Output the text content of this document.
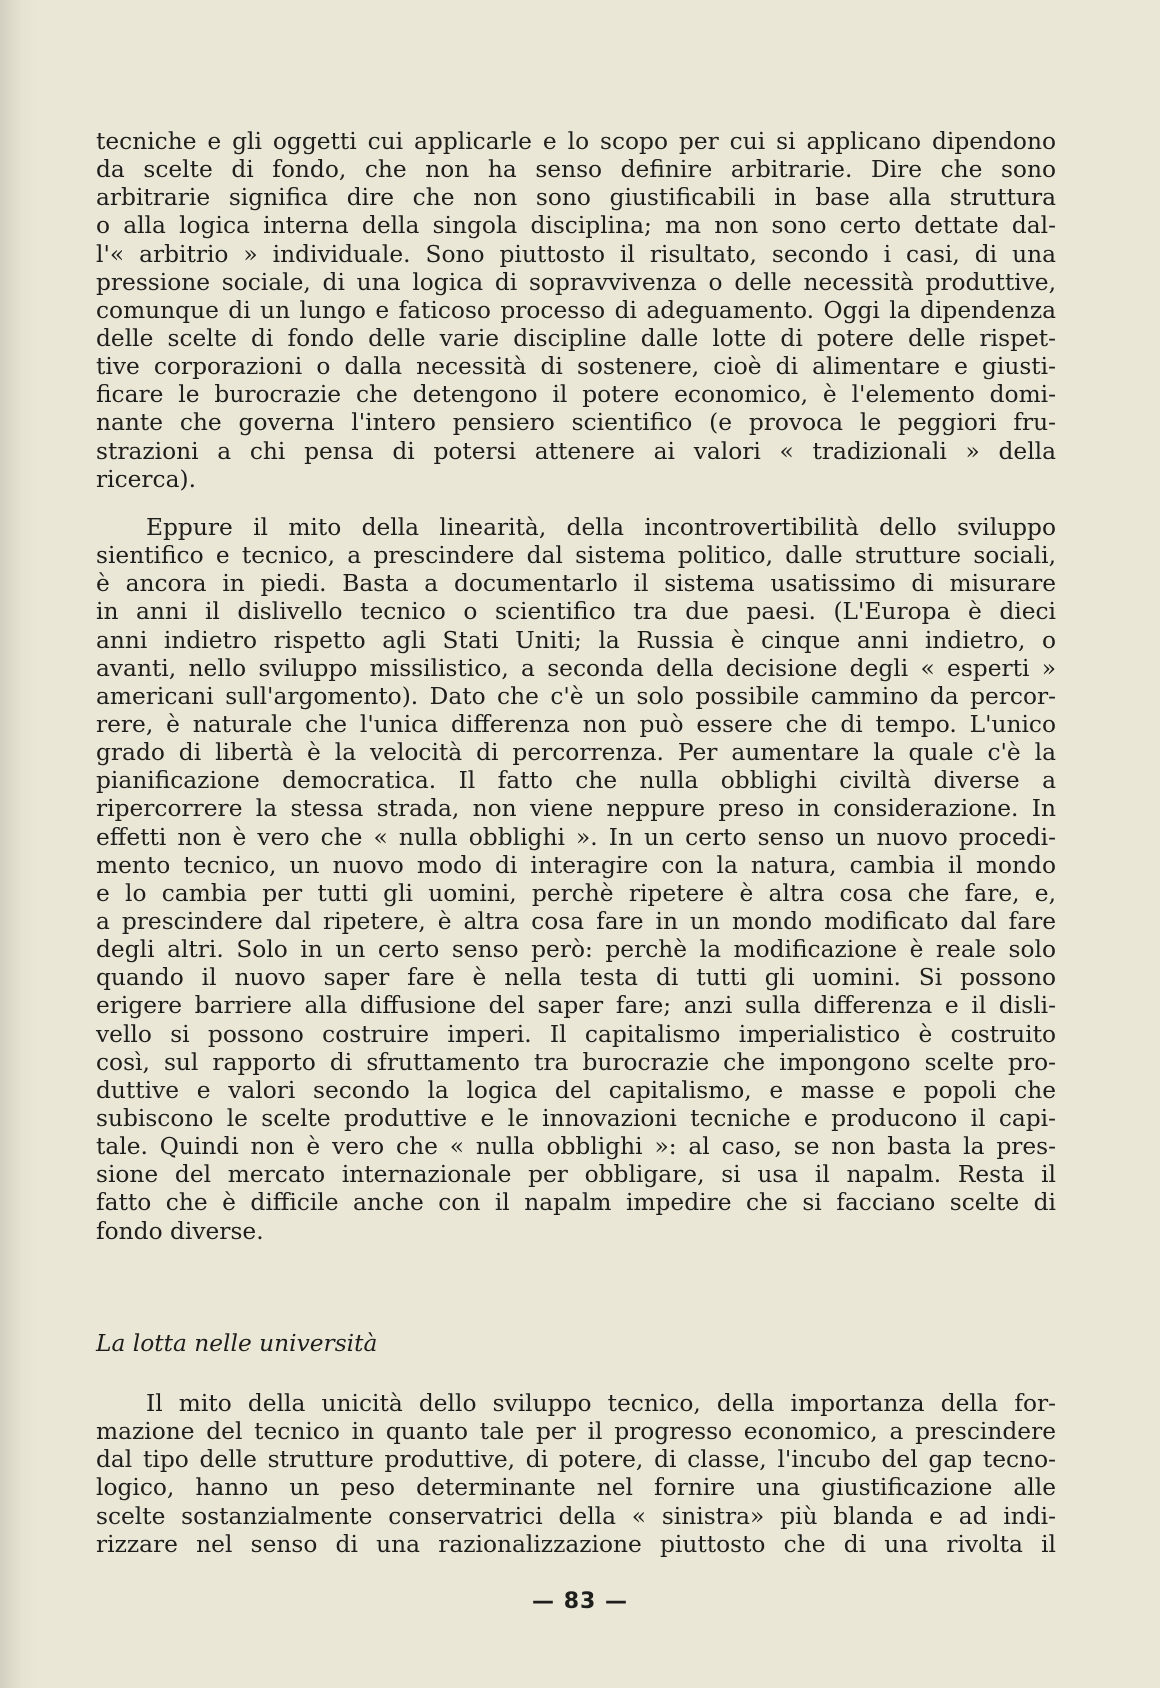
tecniche e gli oggetti cui applicarle e lo scopo per cui si applicano dipendono
da scelte di fondo, che non ha senso definire arbitrarie. Dire che sono
arbitrarie significa dire che non sono giustificabili in base alla struttura
o alla logica interna della singola disciplina; ma non sono certo dettate dal-
l'« arbitrio » individuale. Sono piuttosto il risultato, secondo i casi, di una
pressione sociale, di una logica di sopravvivenza o delle necessità produttive,
comunque di un lungo e faticoso processo di adeguamento. Oggi la dipendenza
delle scelte di fondo delle varie discipline dalle lotte di potere delle rispet-
tive corporazioni o dalla necessità di sostenere, cioè di alimentare e giusti-
ficare le burocrazie che detengono il potere economico, è l'elemento domi-
nante che governa l'intero pensiero scientifico (e provoca le peggiori fru-
strazioni a chi pensa di potersi attenere ai valori « tradizionali » della
ricerca).
Eppure il mito della linearità, della incontrovertibilità dello sviluppo
sientifico e tecnico, a prescindere dal sistema politico, dalle strutture sociali,
è ancora in piedi. Basta a documentarlo il sistema usatissimo di misurare
in anni il dislivello tecnico o scientifico tra due paesi. (L'Europa è dieci
anni indietro rispetto agli Stati Uniti; la Russia è cinque anni indietro, o
avanti, nello sviluppo missilistico, a seconda della decisione degli « esperti »
americani sull'argomento). Dato che c'è un solo possibile cammino da percor-
rere, è naturale che l'unica differenza non può essere che di tempo. L'unico
grado di libertà è la velocità di percorrenza. Per aumentare la quale c'è la
pianificazione democratica. Il fatto che nulla obblighi civiltà diverse a
ripercorrere la stessa strada, non viene neppure preso in considerazione. In
effetti non è vero che « nulla obblighi ». In un certo senso un nuovo procedi-
mento tecnico, un nuovo modo di interagire con la natura, cambia il mondo
e lo cambia per tutti gli uomini, perchè ripetere è altra cosa che fare, e,
a prescindere dal ripetere, è altra cosa fare in un mondo modificato dal fare
degli altri. Solo in un certo senso però: perchè la modificazione è reale solo
quando il nuovo saper fare è nella testa di tutti gli uomini. Si possono
erigere barriere alla diffusione del saper fare; anzi sulla differenza e il disli-
vello si possono costruire imperi. Il capitalismo imperialistico è costruito
così, sul rapporto di sfruttamento tra burocrazie che impongono scelte pro-
duttive e valori secondo la logica del capitalismo, e masse e popoli che
subiscono le scelte produttive e le innovazioni tecniche e producono il capi-
tale. Quindi non è vero che « nulla obblighi »: al caso, se non basta la pres-
sione del mercato internazionale per obbligare, si usa il napalm. Resta il
fatto che è difficile anche con il napalm impedire che si facciano scelte di
fondo diverse.
La lotta nelle università
Il mito della unicità dello sviluppo tecnico, della importanza della for-
mazione del tecnico in quanto tale per il progresso economico, a prescindere
dal tipo delle strutture produttive, di potere, di classe, l'incubo del gap tecno-
logico, hanno un peso determinante nel fornire una giustificazione alle
scelte sostanzialmente conservatrici della « sinistra» più blanda e ad indi-
rizzare nel senso di una razionalizzazione piuttosto che di una rivolta il
— 83 —
